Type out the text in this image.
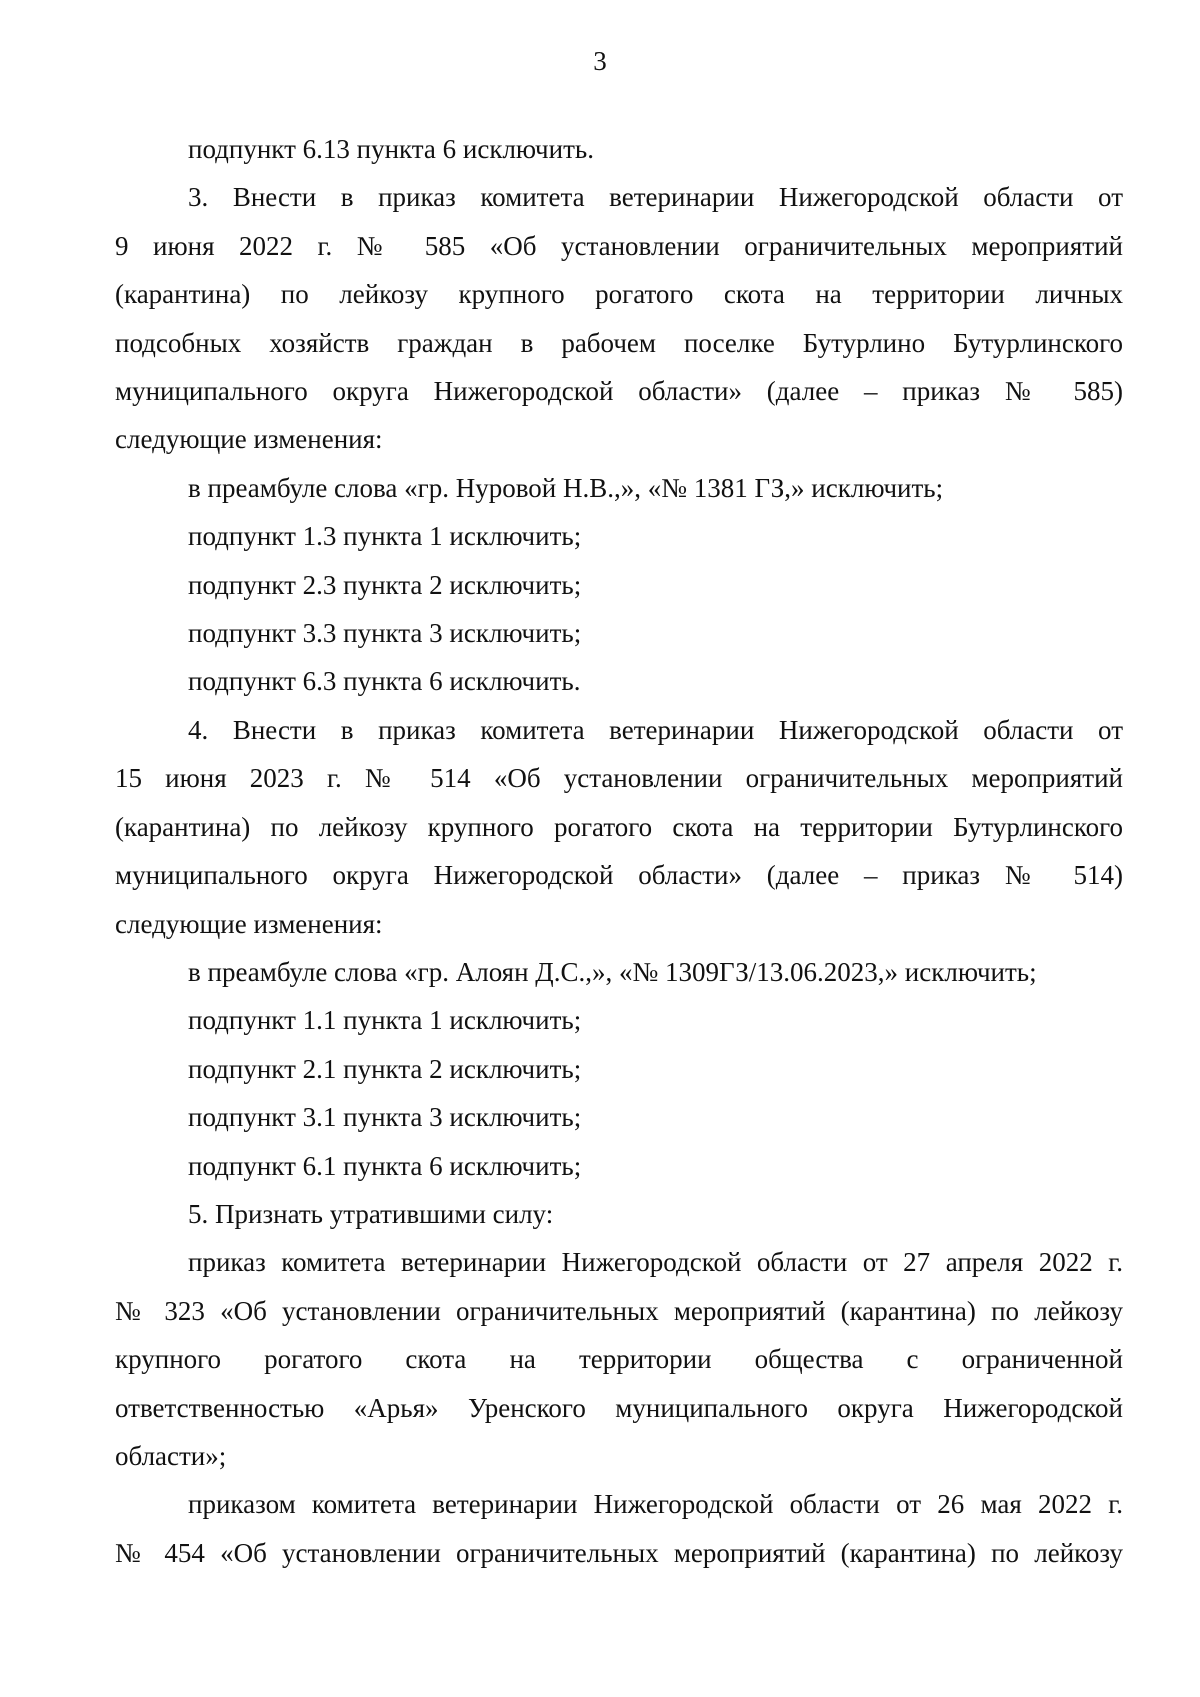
3
подпункт 6.13 пункта 6 исключить.
3. Внести в приказ комитета ветеринарии Нижегородской области от
9 июня 2022 г. № 585 «Об установлении ограничительных мероприятий
(карантина) по лейкозу крупного рогатого скота на территории личных
подсобных хозяйств граждан в рабочем поселке Бутурлино Бутурлинского
муниципального округа Нижегородской области» (далее – приказ № 585)
следующие изменения:
в преамбуле слова «гр. Нуровой Н.В.,», «№ 1381 ГЗ,» исключить;
подпункт 1.3 пункта 1 исключить;
подпункт 2.3 пункта 2 исключить;
подпункт 3.3 пункта 3 исключить;
подпункт 6.3 пункта 6 исключить.
4. Внести в приказ комитета ветеринарии Нижегородской области от
15 июня 2023 г. № 514 «Об установлении ограничительных мероприятий
(карантина) по лейкозу крупного рогатого скота на территории Бутурлинского
муниципального округа Нижегородской области» (далее – приказ № 514)
следующие изменения:
в преамбуле слова «гр. Алоян Д.С.,», «№ 1309ГЗ/13.06.2023,» исключить;
подпункт 1.1 пункта 1 исключить;
подпункт 2.1 пункта 2 исключить;
подпункт 3.1 пункта 3 исключить;
подпункт 6.1 пункта 6 исключить;
5. Признать утратившими силу:
приказ комитета ветеринарии Нижегородской области от 27 апреля 2022 г.
№ 323 «Об установлении ограничительных мероприятий (карантина) по лейкозу
крупного рогатого скота на территории общества с ограниченной
ответственностью «Арья» Уренского муниципального округа Нижегородской
области»;
приказом комитета ветеринарии Нижегородской области от 26 мая 2022 г.
№ 454 «Об установлении ограничительных мероприятий (карантина) по лейкозу
